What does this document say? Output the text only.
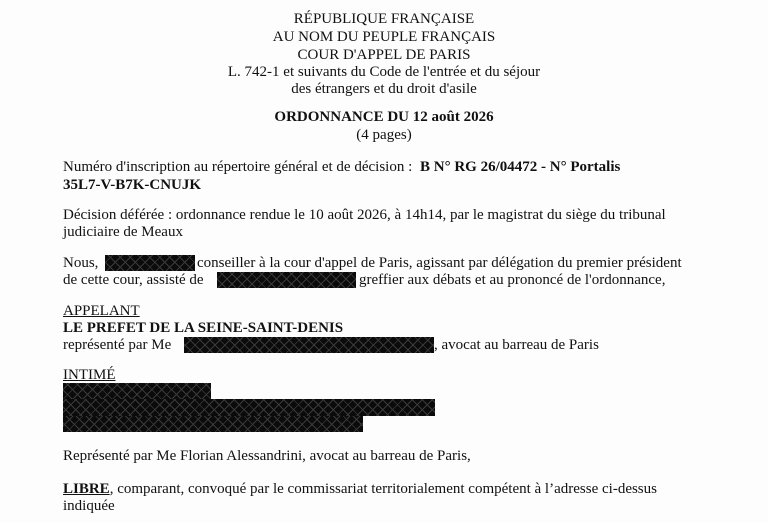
RÉPUBLIQUE FRANÇAISE
AU NOM DU PEUPLE FRANÇAIS
COUR D'APPEL DE PARIS
L. 742-1 et suivants du Code de l'entrée et du séjour
des étrangers et du droit d'asile
ORDONNANCE DU 12 août 2026
(4 pages)
Numéro d'inscription au répertoire général et de décision : B N° RG 26/04472 - N° Portalis
35L7-V-B7K-CNUJK
Décision déférée : ordonnance rendue le 10 août 2026, à 14h14, par le magistrat du siège du tribunal
judiciaire de Meaux
Nous,	conseiller à la cour d'appel de Paris, agissant par délégation du premier président
de cette cour, assisté de	greffier aux débats et au prononcé de l'ordonnance,
APPELANT
LE PREFET DE LA SEINE-SAINT-DENIS
représenté par Me	, avocat au barreau de Paris
INTIMÉ
Représenté par Me Florian Alessandrini, avocat au barreau de Paris,
LIBRE, comparant, convoqué par le commissariat territorialement compétent à l’adresse ci-dessus
indiquée
